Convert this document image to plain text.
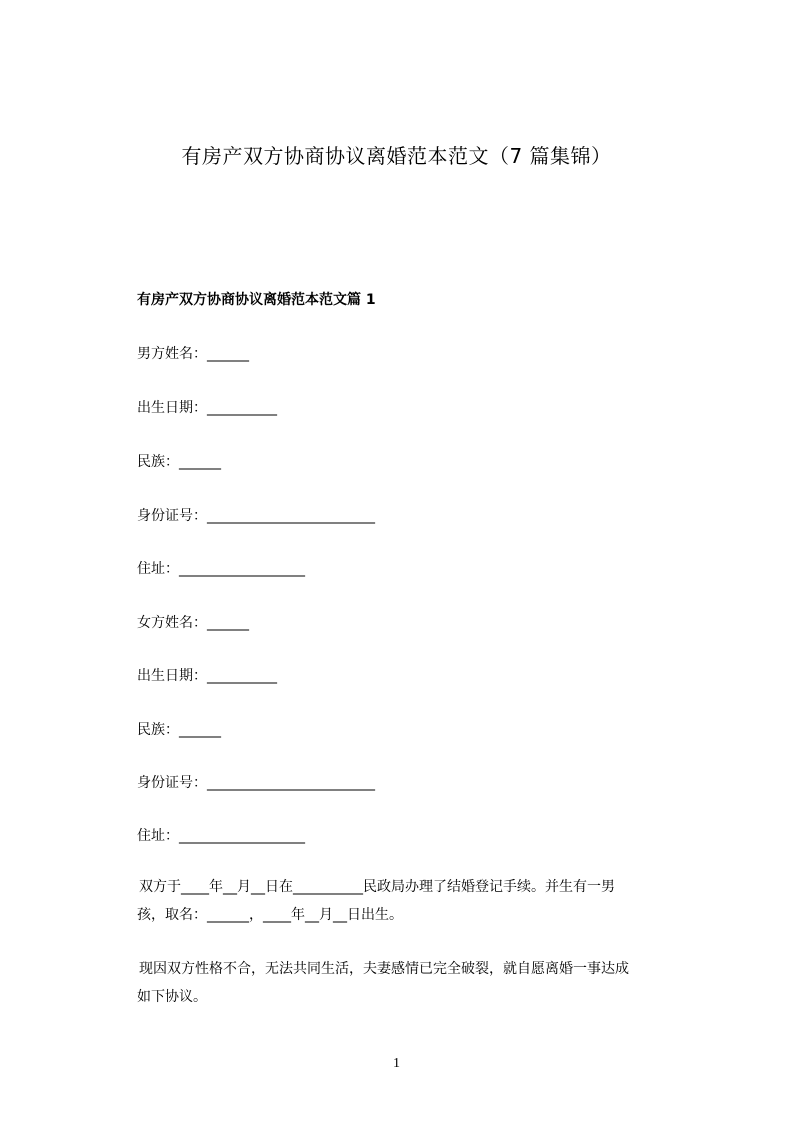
有房产双方协商协议离婚范本范文（7 篇集锦）
有房产双方协商协议离婚范本范文篇 1
男方姓名：______
出生日期：__________
民族：______
身份证号：________________________
住址：__________________
女方姓名：______
出生日期：__________
民族：______
身份证号：________________________
住址：__________________
双方于____年__月__日在__________民政局办理了结婚登记手续。并生有一男
孩，取名：______，____年__月__日出生。
现因双方性格不合，无法共同生活，夫妻感情已完全破裂，就自愿离婚一事达成
如下协议。
1
